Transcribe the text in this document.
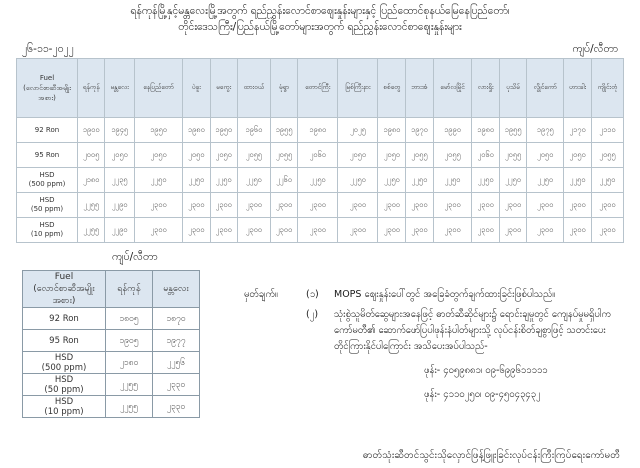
ရန်ကုန်မြို့နှင့်မန္တလေးမြို့အတွက် ရည်ညွှန်းလောင်စာဈေးနှုန်းများနှင့် ပြည်ထောင်စုနယ်မြေနေပြည်တော်၊
တိုင်းဒေသကြီး/ပြည်နယ်မြို့တော်များအတွက် ရည်ညွှန်းလောင်စာဈေးနှုန်းများ
၂၆-၁၁-၂၀၂၂	ကျပ်/လီတာ
Fuel
(လောင်စာဆီအမျိုးအစား)	ရန်ကုန်	မန္တလေး	နေပြည်တော်	ပဲခူး	မကွေး	ထားဝယ်	မုံရွာ	တောင်ကြီး	မြစ်ကြီးနား	စစ်တွေ	ဘားအံ	မော်လမြိုင်	လားရှိုး	ပုသိမ်	လွိုင်ကော်	ဟားခါး	ကျိုင်းတုံ
92 Ron	၁၉၀၀	၁၉၄၅	၁၉၅၀	၁၉၈၀	၁၉၅၀	၁၉၆၀	၁၉၅၅	၁၉၈၀	၂၀၂၅	၁၉၈၀	၁၉၇၀	၁၉၉၀	၁၉၈၀	၁၉၅၅	၁၉၇၅	၂၁၇၀	၂၁၁၀
95 Ron	၂၀၀၅	၂၀၅၀	၂၀၅၀	၂၀၅၀	၂၀၅၀	၂၀၅၅	၂၀၅၅	၂၀၆၀	၂၀၅၀	၂၀၅၀	၂၀၅၅	၂၀၅၅	၂၀၆၀	၂၀၅၅	၂၀၅၀	၂၀၅၀	၂၀၅၅
HSD
(500 ppm)	၂၁၈၀	၂၂၃၅	၂၂၅၀	၂၂၅၀	၂၂၅၀	၂၂၅၀	၂၂၆၀	၂၂၅၀	၂၂၅၀	၂၂၅၀	၂၂၅၀	၂၂၅၀	၂၂၅၀	၂၂၅၀	၂၂၅၀	၂၂၅၀	၂၂၅၀
HSD
(50 ppm)	၂၂၅၅	၂၂၉၀	၂၃၀၀	၂၃၀၀	၂၃၀၀	၂၃၀၀	၂၃၀၀	၂၃၀၀	၂၃၀၀	၂၃၀၀	၂၃၀၀	၂၃၀၀	၂၃၀၀	၂၃၀၀	၂၃၀၀	၂၃၀၀	၂၃၀၀
HSD
(10 ppm)	၂၂၅၅	၂၂၉၀	၂၃၀၀	၂၃၀၀	၂၃၀၀	၂၃၀၀	၂၃၀၀	၂၃၀၀	၂၃၀၀	၂၃၀၀	၂၃၀၀	၂၃၀၀	၂၃၀၀	၂၃၀၀	၂၃၀၀	၂၃၀၀	၂၃၀၀
ကျပ်/လီတာ
Fuel
(လောင်စာဆီအမျိုးအစား)	ရန်ကုန်	မန္တလေး
92 Ron	၁၈၀၅	၁၈၇၀
95 Ron	၁၉၀၅	၁၉၇၇
HSD
(500 ppm)	၂၁၈၀	၂၂၅၆
HSD
(50 ppm)	၂၂၅၅	၂၃၃၀
HSD
(10 ppm)	၂၂၅၅	၂၃၃၀
မှတ်ချက်။	(၁) MOPS ဈေးနှုန်းပေါ်တွင် အခြေခံတွက်ချက်ထားခြင်းဖြစ်ပါသည်။
(၂) သုံးစွဲသူမိတ်ဆွေများအနေဖြင့် ဓာတ်ဆီဆိုင်များ၌ ရောင်းချမှုတွင် ကျေနပ်မှုမရှိပါက
ကော်မတီ၏ ဆောက်ဖော်ပြပါဖုန်းနံပါတ်များသို့ လုပ်ငန်းစိတ်ချစွာဖြင့် သတင်းပေး
တိုင်ကြားနိုင်ပါကြောင်း အသိပေးအပ်ပါသည်-
ဖုန်း- ၄၀၅၉၈၈၁၊ ၀၉-၆၉၉၆၁၁၁၁၁
ဖုန်း- ၄၁၁၀၂၅၀၊ ၀၉-၄၅၀၄၃၄၃၂
ဓာတ်သုံးဆီတင်သွင်းသိုလှောင်ဖြန့်ဖြူးခြင်းလုပ်ငန်းကြီးကြပ်ရေးကော်မတီ
